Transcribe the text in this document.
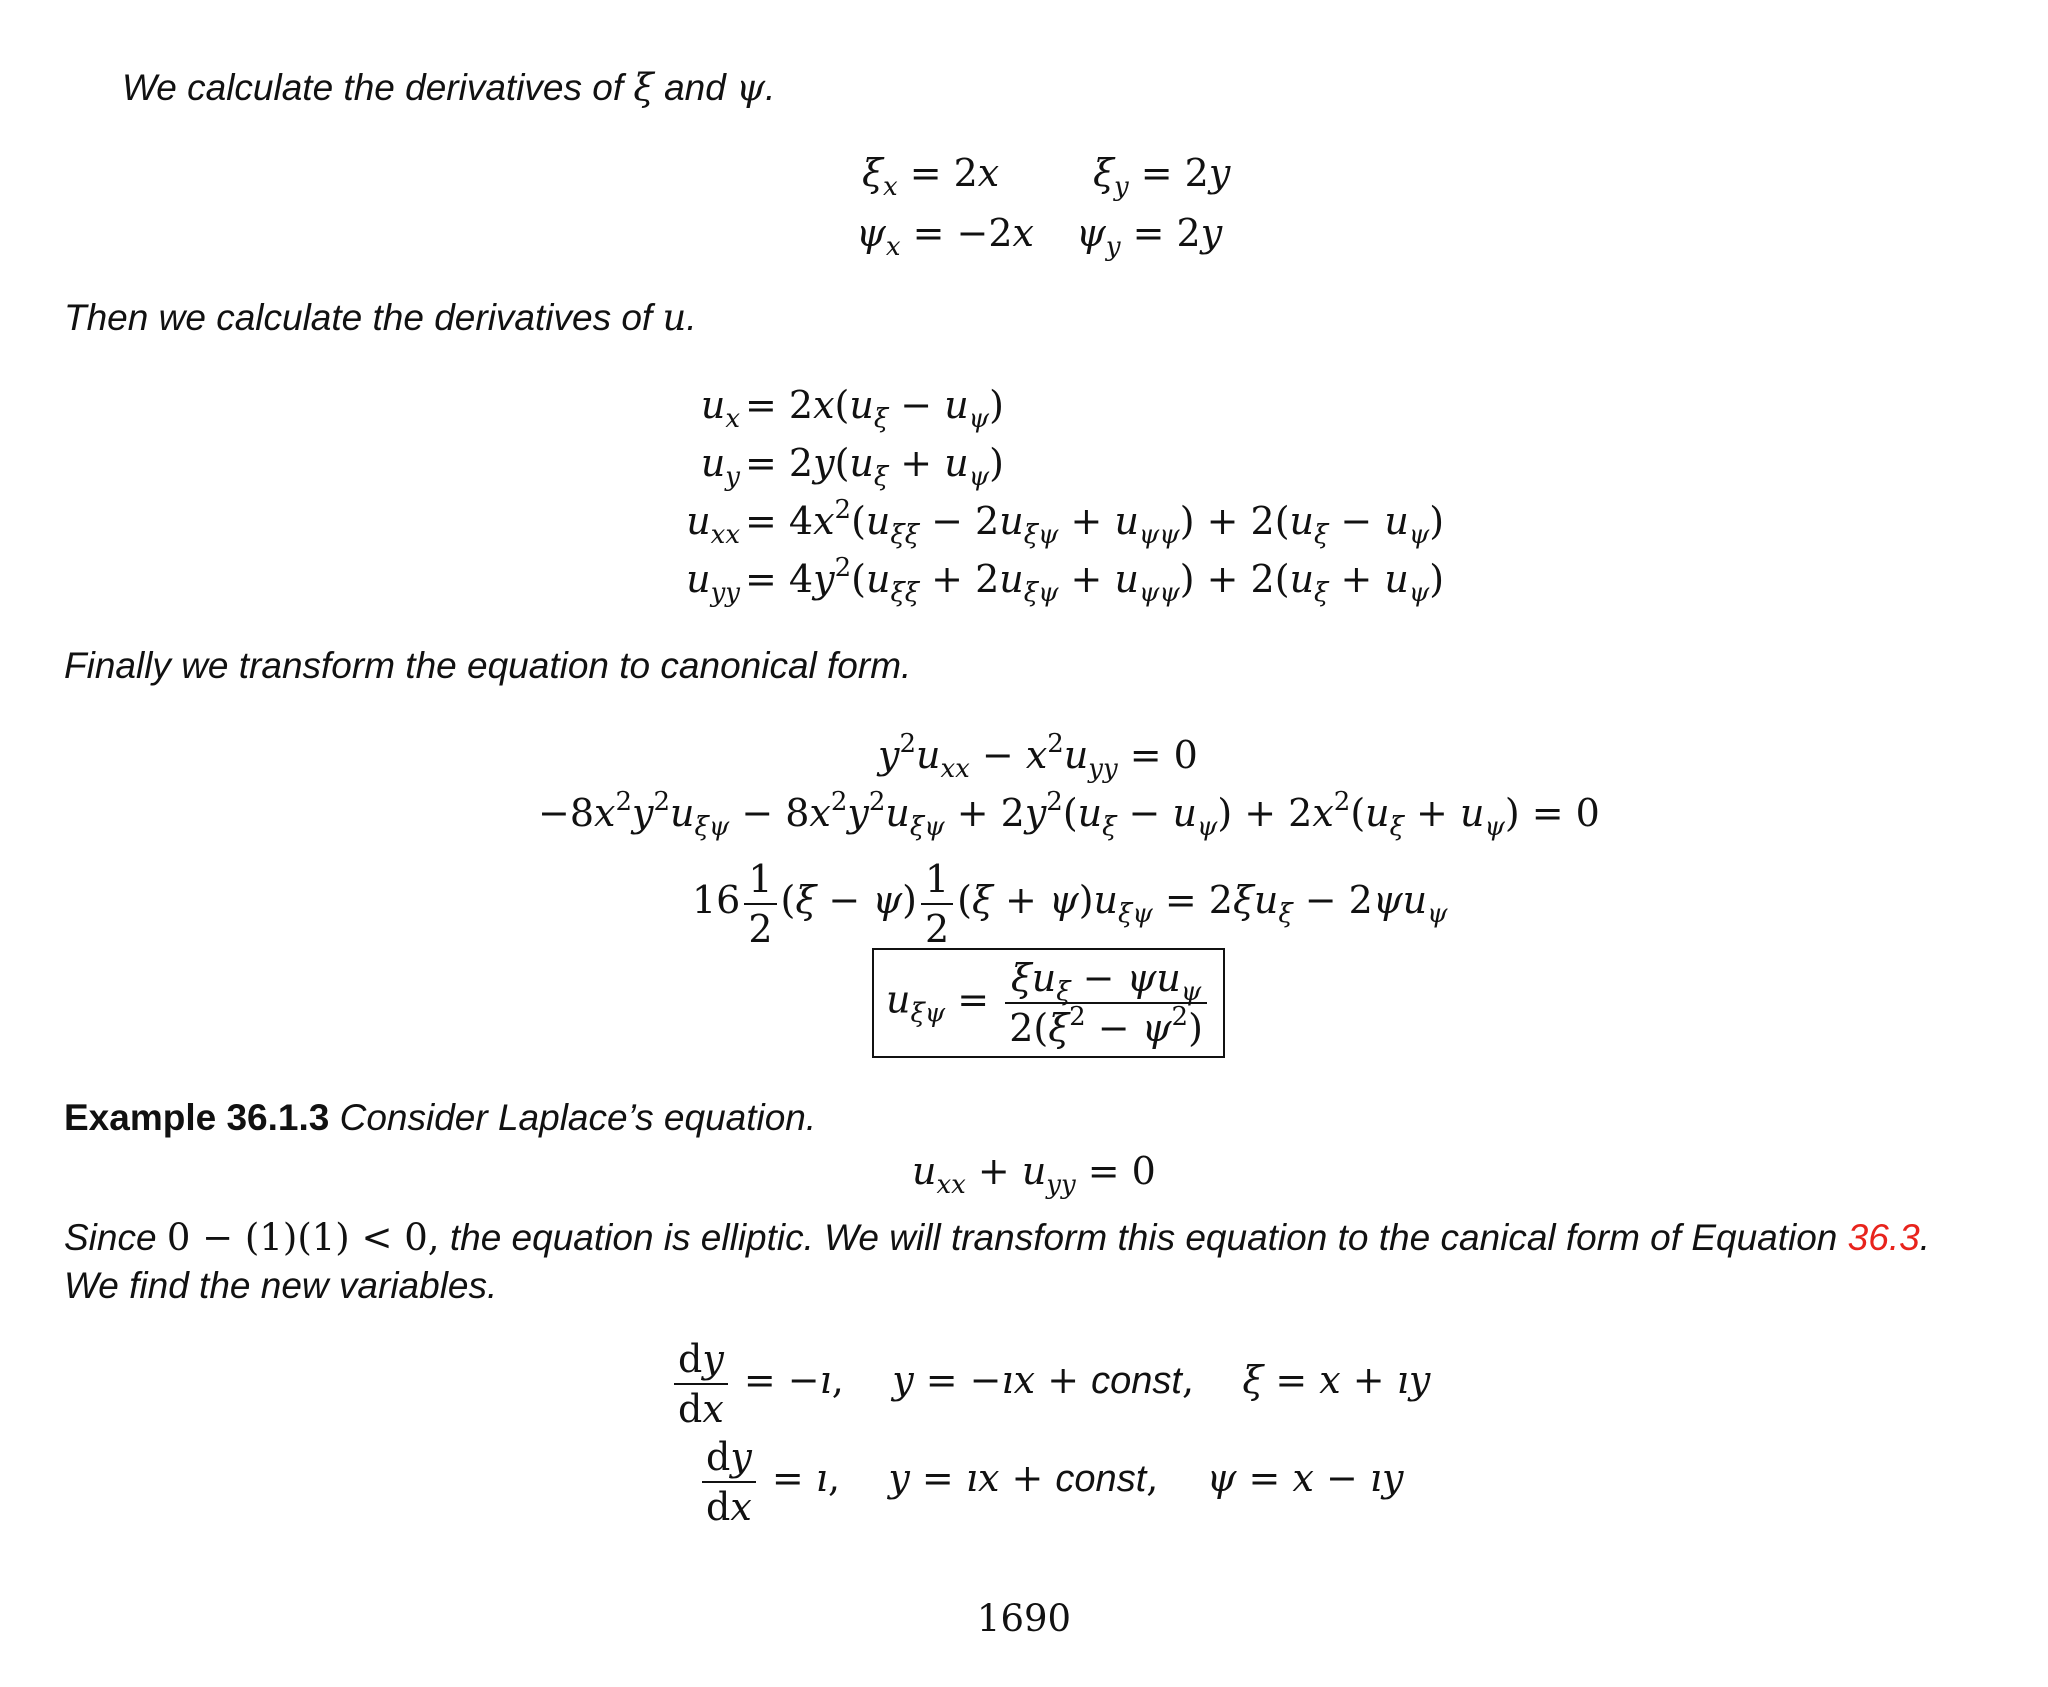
We calculate the derivatives of ξ and ψ.
$\xi_x = 2x$ $\xi_y = 2y$
$\psi_x = -2x$ $\psi_y = 2y$
Then we calculate the derivatives of u.
$u_x$
$u_y$
$u_{xx}$
$u_{yy}$
= $2x(u_\xi - u_\psi)$
= $2y(u_\xi + u_\psi)$
= $4x^2(u_{\xi\xi} - 2u_{\xi\psi} + u_{\psi\psi}) + 2(u_\xi - u_\psi)$
= $4y^2(u_{\xi\xi} + 2u_{\xi\psi} + u_{\psi\psi}) + 2(u_\xi + u_\psi)$
Finally we transform the equation to canonical form.
$y^2u_{xx} - x^2u_{yy} = 0$
$-8x^2y^2u_{\xi\psi} - 8x^2y^2u_{\xi\psi} + 2y^2(u_\xi - u_\psi) + 2x^2(u_\xi + u_\psi) = 0$
$16 \frac{1}{2} (\xi - \psi) \frac{1}{2} (\xi + \psi)u_{\xi\psi} = 2\xi u_\xi - 2\psi u_\psi$
$u_{\xi\psi} = \frac{\xi u_\xi - \psi u_\psi}{2(\xi^2 - \psi^2)}$
Example 36.1.3 Consider Laplace’s equation.
$u_{xx} + u_{yy} = 0$
Since 0 − (1)(1) < 0, the equation is elliptic. We will transform this equation to the canical form of Equation 36.3.
We find the new variables.
$\frac{dy}{dx}$ = −ı,    y = −ıx + const,    ξ = x + ıy
$\frac{dy}{dx}$ = ı,    y = ıx + const,    ψ = x − ıy
1690
